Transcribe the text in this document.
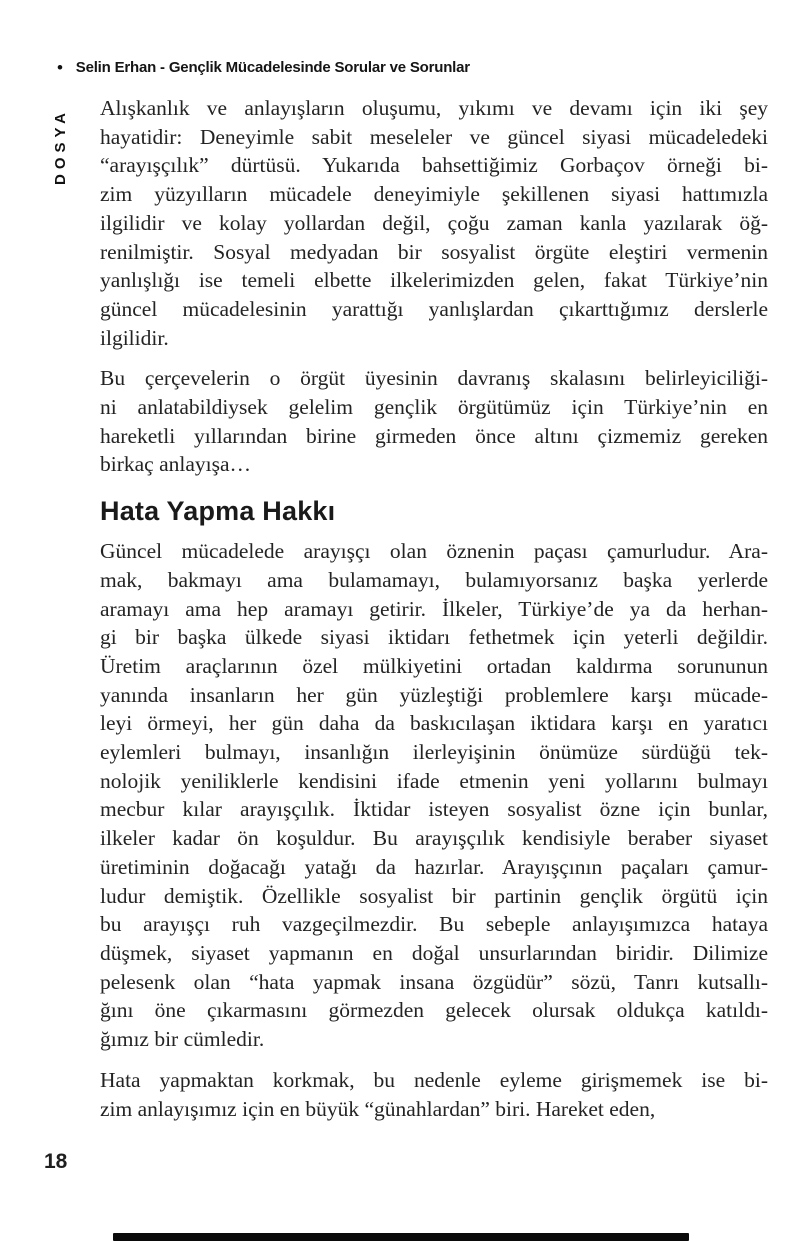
• Selin Erhan - Gençlik Mücadelesinde Sorular ve Sorunlar
DOSYA

Alışkanlık ve anlayışların oluşumu, yıkımı ve devamı için iki şey
hayatidir: Deneyimle sabit meseleler ve güncel siyasi mücadeledeki
“arayışçılık” dürtüsü. Yukarıda bahsettiğimiz Gorbaçov örneği bi-
zim yüzyılların mücadele deneyimiyle şekillenen siyasi hattımızla
ilgilidir ve kolay yollardan değil, çoğu zaman kanla yazılarak öğ-
renilmiştir. Sosyal medyadan bir sosyalist örgüte eleştiri vermenin
yanlışlığı ise temeli elbette ilkelerimizden gelen, fakat Türkiye’nin
güncel mücadelesinin yarattığı yanlışlardan çıkarttığımız derslerle
ilgilidir.

Bu çerçevelerin o örgüt üyesinin davranış skalasını belirleyiciliği-
ni anlatabildiysek gelelim gençlik örgütümüz için Türkiye’nin en
hareketli yıllarından birine girmeden önce altını çizmemiz gereken
birkaç anlayışa…

Hata Yapma Hakkı

Güncel mücadelede arayışçı olan öznenin paçası çamurludur. Ara-
mak, bakmayı ama bulamamayı, bulamıyorsanız başka yerlerde
aramayı ama hep aramayı getirir. İlkeler, Türkiye’de ya da herhan-
gi bir başka ülkede siyasi iktidarı fethetmek için yeterli değildir.
Üretim araçlarının özel mülkiyetini ortadan kaldırma sorununun
yanında insanların her gün yüzleştiği problemlere karşı mücade-
leyi örmeyi, her gün daha da baskıcılaşan iktidara karşı en yaratıcı
eylemleri bulmayı, insanlığın ilerleyişinin önümüze sürdüğü tek-
nolojik yeniliklerle kendisini ifade etmenin yeni yollarını bulmayı
mecbur kılar arayışçılık. İktidar isteyen sosyalist özne için bunlar,
ilkeler kadar ön koşuldur. Bu arayışçılık kendisiyle beraber siyaset
üretiminin doğacağı yatağı da hazırlar. Arayışçının paçaları çamur-
ludur demiştik. Özellikle sosyalist bir partinin gençlik örgütü için
bu arayışçı ruh vazgeçilmezdir. Bu sebeple anlayışımızca hataya
düşmek, siyaset yapmanın en doğal unsurlarından biridir. Dilimize
pelesenk olan “hata yapmak insana özgüdür” sözü, Tanrı kutsallı-
ğını öne çıkarmasını görmezden gelecek olursak oldukça katıldı-
ğımız bir cümledir.

Hata yapmaktan korkmak, bu nedenle eyleme girişmemek ise bi-
zim anlayışımız için en büyük “günahlardan” biri. Hareket eden,

18
